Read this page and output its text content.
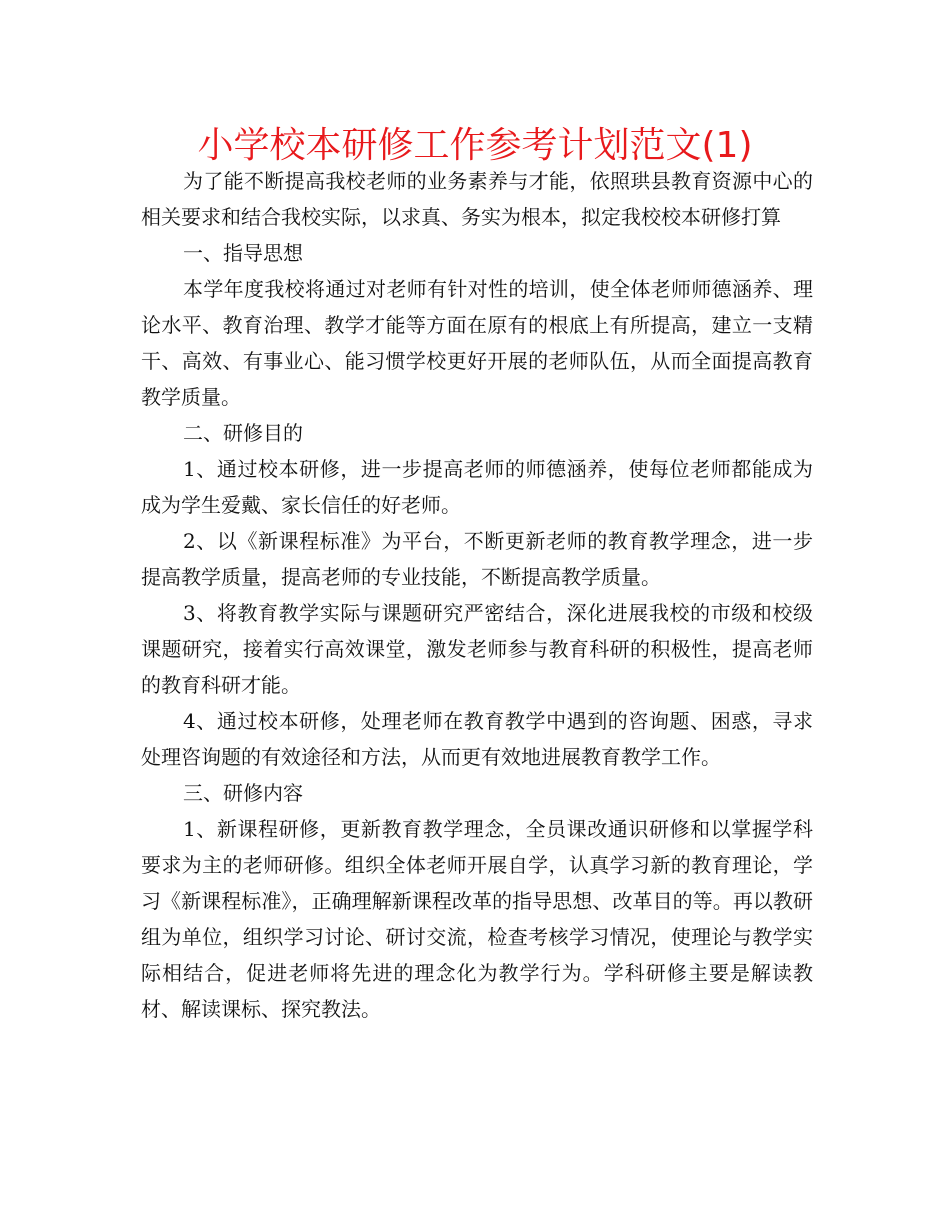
小学校本研修工作参考计划范文(1)

为了能不断提高我校老师的业务素养与才能，依照珙县教育资源中心的相关要求和结合我校实际，以求真、务实为根本，拟定我校校本研修打算

一、指导思想

本学年度我校将通过对老师有针对性的培训，使全体老师师德涵养、理论水平、教育治理、教学才能等方面在原有的根底上有所提高，建立一支精干、高效、有事业心、能习惯学校更好开展的老师队伍，从而全面提高教育教学质量。

二、研修目的

1、通过校本研修，进一步提高老师的师德涵养，使每位老师都能成为成为学生爱戴、家长信任的好老师。

2、以《新课程标准》为平台，不断更新老师的教育教学理念，进一步提高教学质量，提高老师的专业技能，不断提高教学质量。

3、将教育教学实际与课题研究严密结合，深化进展我校的市级和校级课题研究，接着实行高效课堂，激发老师参与教育科研的积极性，提高老师的教育科研才能。

4、通过校本研修，处理老师在教育教学中遇到的咨询题、困惑，寻求处理咨询题的有效途径和方法，从而更有效地进展教育教学工作。

三、研修内容

1、新课程研修，更新教育教学理念，全员课改通识研修和以掌握学科要求为主的老师研修。组织全体老师开展自学，认真学习新的教育理论，学习《新课程标准》，正确理解新课程改革的指导思想、改革目的等。再以教研组为单位，组织学习讨论、研讨交流，检查考核学习情况，使理论与教学实际相结合，促进老师将先进的理念化为教学行为。学科研修主要是解读教材、解读课标、探究教法。
